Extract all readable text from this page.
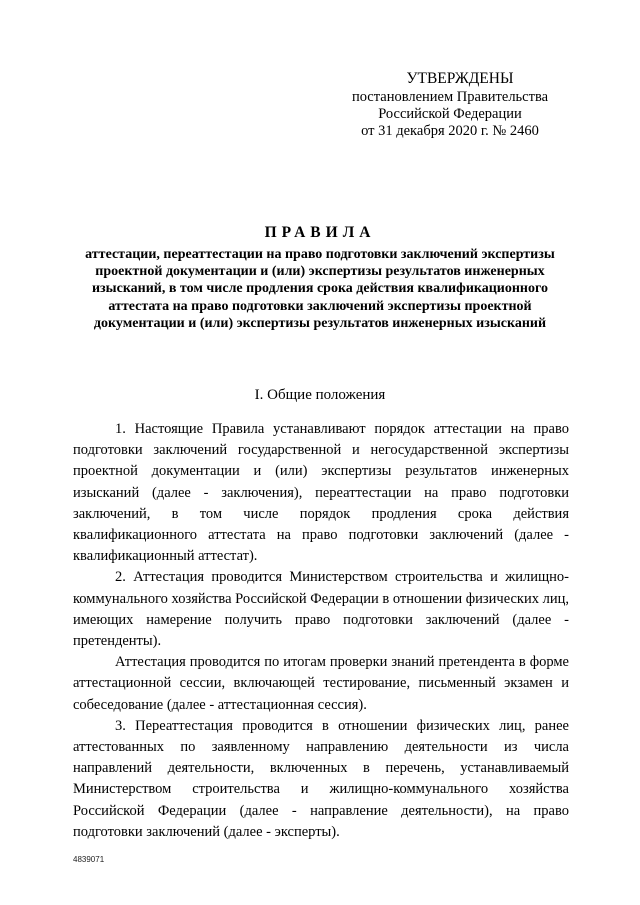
УТВЕРЖДЕНЫ
постановлением Правительства
Российской Федерации
от 31 декабря 2020 г. № 2460
ПРАВИЛА
аттестации, переаттестации на право подготовки заключений экспертизы проектной документации и (или) экспертизы результатов инженерных изысканий, в том числе продления срока действия квалификационного аттестата на право подготовки заключений экспертизы проектной документации и (или) экспертизы результатов инженерных изысканий
I. Общие положения

1. Настоящие Правила устанавливают порядок аттестации на право подготовки заключений государственной и негосударственной экспертизы проектной документации и (или) экспертизы результатов инженерных изысканий (далее - заключения), переаттестации на право подготовки заключений, в том числе порядок продления срока действия квалификационного аттестата на право подготовки заключений (далее - квалификационный аттестат).

2. Аттестация проводится Министерством строительства и жилищно-коммунального хозяйства Российской Федерации в отношении физических лиц, имеющих намерение получить право подготовки заключений (далее - претенденты).

Аттестация проводится по итогам проверки знаний претендента в форме аттестационной сессии, включающей тестирование, письменный экзамен и собеседование (далее - аттестационная сессия).

3. Переаттестация проводится в отношении физических лиц, ранее аттестованных по заявленному направлению деятельности из числа направлений деятельности, включенных в перечень, устанавливаемый Министерством строительства и жилищно-коммунального хозяйства Российской Федерации (далее - направление деятельности), на право подготовки заключений (далее - эксперты).

4839071
